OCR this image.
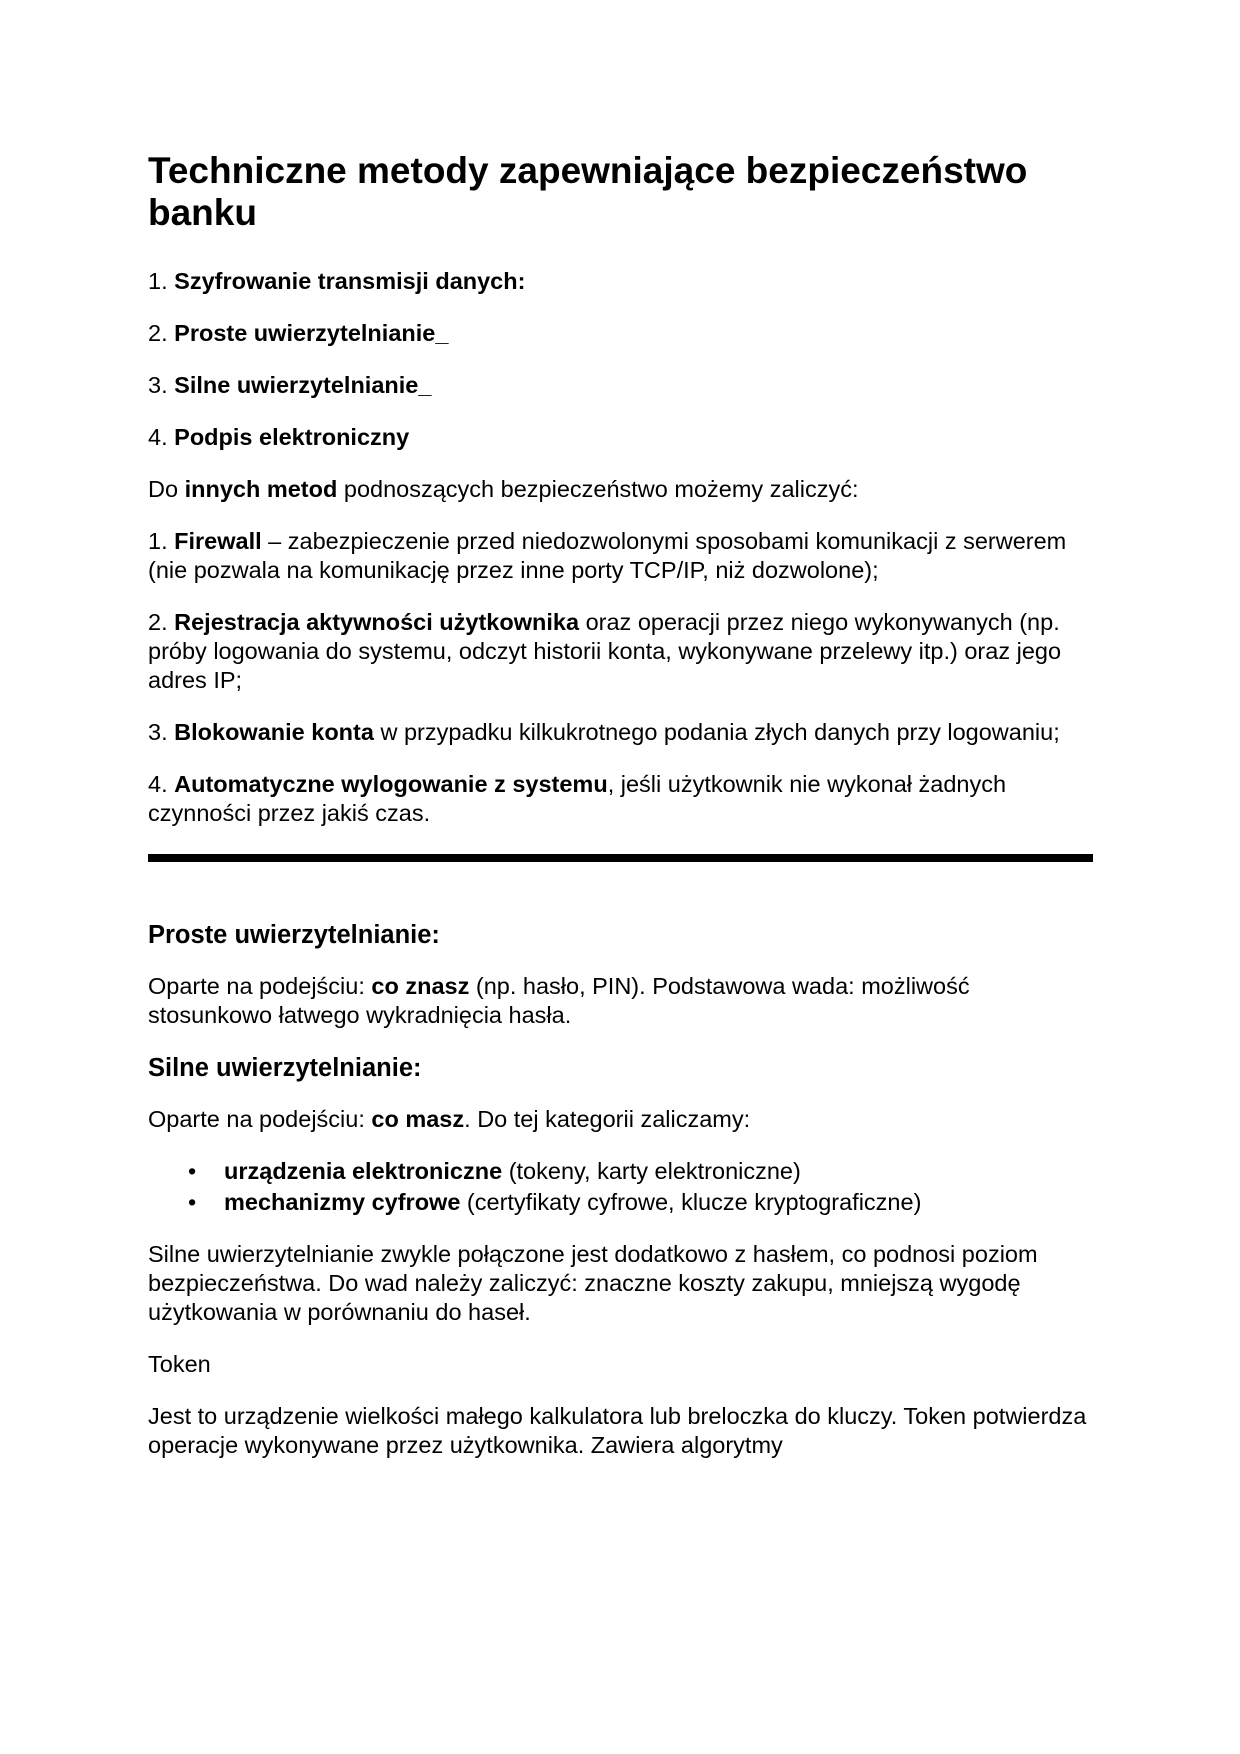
Techniczne metody zapewniające bezpieczeństwo banku

1. Szyfrowanie transmisji danych:

2. Proste uwierzytelnianie_

3. Silne uwierzytelnianie_

4. Podpis elektroniczny

Do innych metod podnoszących bezpieczeństwo możemy zaliczyć:

1. Firewall – zabezpieczenie przed niedozwolonymi sposobami komunikacji z serwerem (nie pozwala na komunikację przez inne porty TCP/IP, niż dozwolone);

2. Rejestracja aktywności użytkownika oraz operacji przez niego wykonywanych (np. próby logowania do systemu, odczyt historii konta, wykonywane przelewy itp.) oraz jego adres IP;

3. Blokowanie konta w przypadku kilkukrotnego podania złych danych przy logowaniu;

4. Automatyczne wylogowanie z systemu, jeśli użytkownik nie wykonał żadnych czynności przez jakiś czas.

Proste uwierzytelnianie:

Oparte na podejściu: co znasz (np. hasło, PIN). Podstawowa wada: możliwość stosunkowo łatwego wykradnięcia hasła.

Silne uwierzytelnianie:

Oparte na podejściu: co masz. Do tej kategorii zaliczamy:

• urządzenia elektroniczne (tokeny, karty elektroniczne)
• mechanizmy cyfrowe (certyfikaty cyfrowe, klucze kryptograficzne)

Silne uwierzytelnianie zwykle połączone jest dodatkowo z hasłem, co podnosi poziom bezpieczeństwa. Do wad należy zaliczyć: znaczne koszty zakupu, mniejszą wygodę użytkowania w porównaniu do haseł.

Token

Jest to urządzenie wielkości małego kalkulatora lub breloczka do kluczy. Token potwierdza operacje wykonywane przez użytkownika. Zawiera algorytmy
